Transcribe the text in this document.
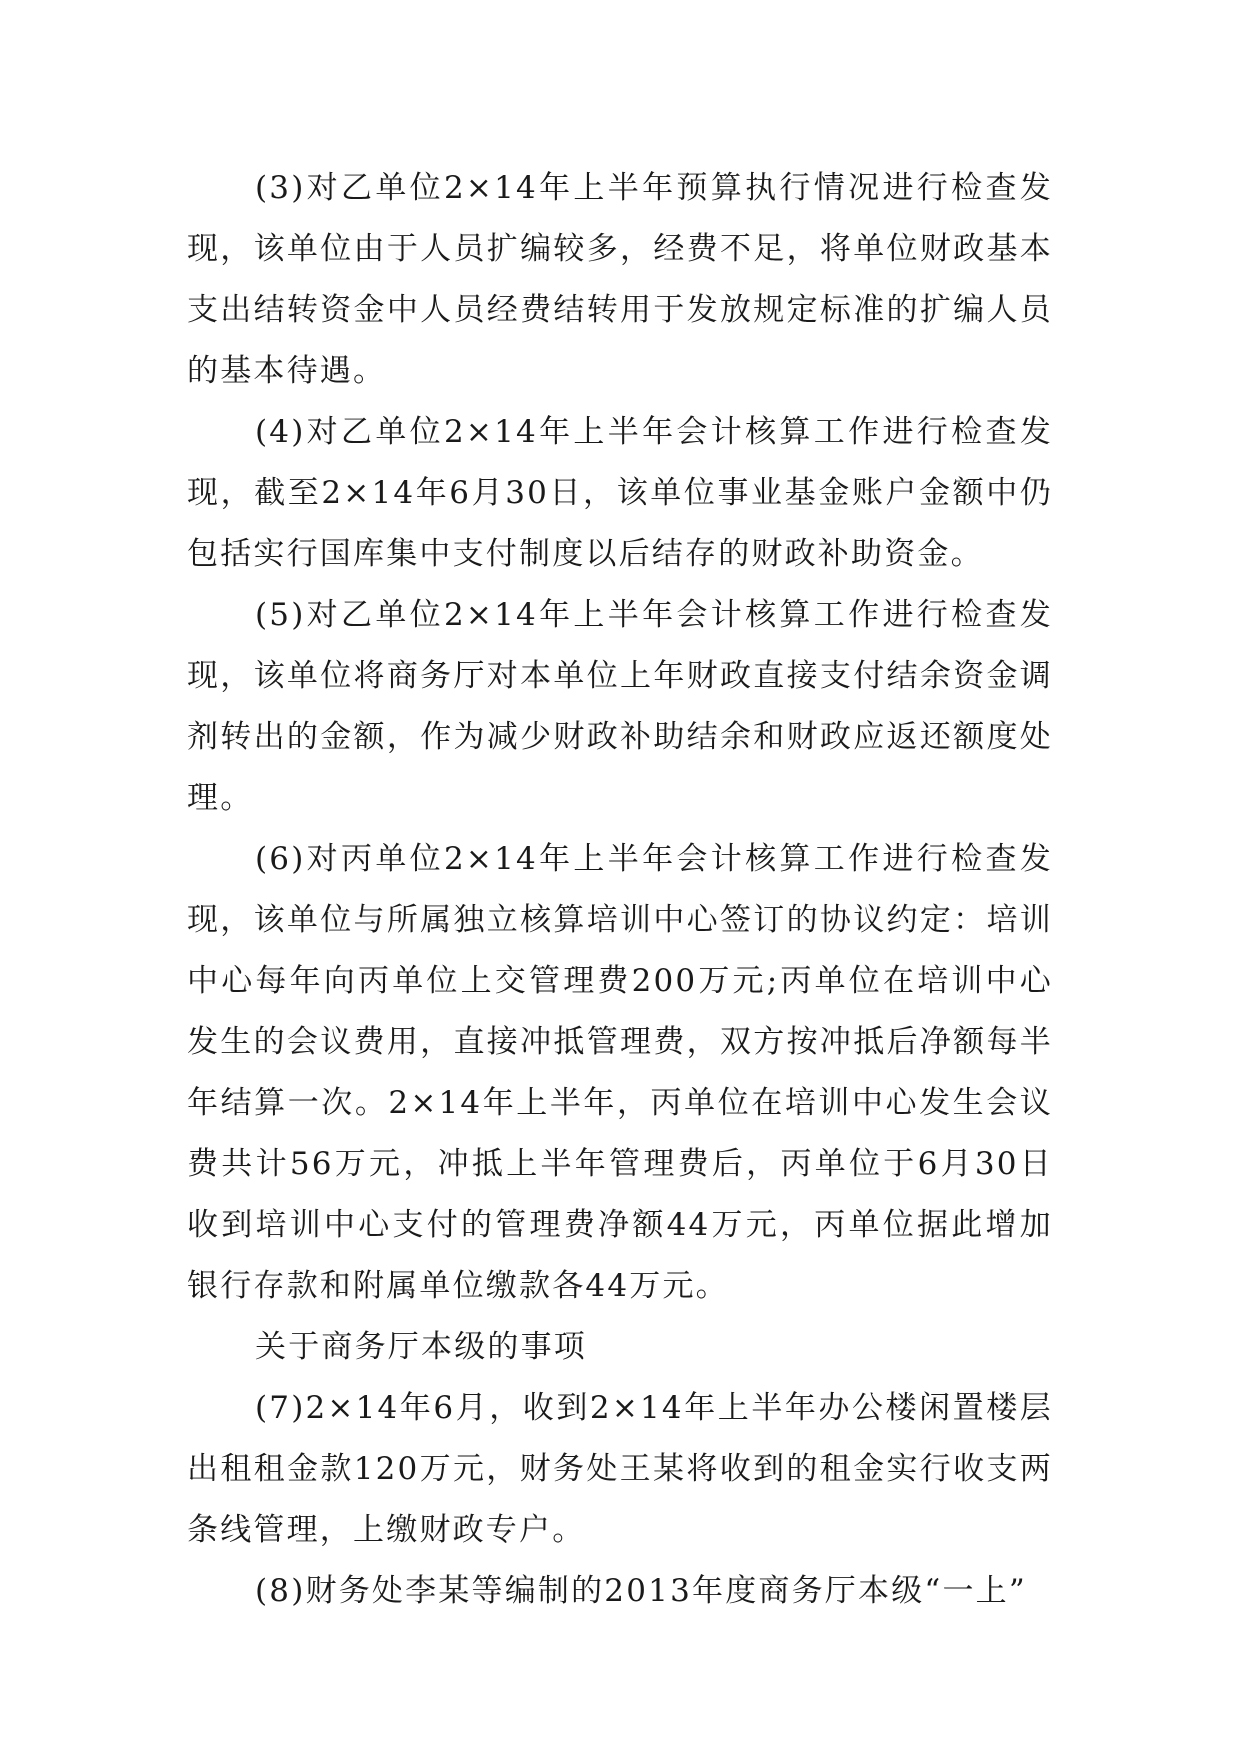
(3)对乙单位2×14年上半年预算执行情况进行检查发现，该单位由于人员扩编较多，经费不足，将单位财政基本支出结转资金中人员经费结转用于发放规定标准的扩编人员的基本待遇。

(4)对乙单位2×14年上半年会计核算工作进行检查发现，截至2×14年6月30日，该单位事业基金账户金额中仍包括实行国库集中支付制度以后结存的财政补助资金。

(5)对乙单位2×14年上半年会计核算工作进行检查发现，该单位将商务厅对本单位上年财政直接支付结余资金调剂转出的金额，作为减少财政补助结余和财政应返还额度处理。

(6)对丙单位2×14年上半年会计核算工作进行检查发现，该单位与所属独立核算培训中心签订的协议约定：培训中心每年向丙单位上交管理费200万元;丙单位在培训中心发生的会议费用，直接冲抵管理费，双方按冲抵后净额每半年结算一次。2×14年上半年，丙单位在培训中心发生会议费共计56万元，冲抵上半年管理费后，丙单位于6月30日收到培训中心支付的管理费净额44万元，丙单位据此增加银行存款和附属单位缴款各44万元。

关于商务厅本级的事项

(7)2×14年6月，收到2×14年上半年办公楼闲置楼层出租租金款120万元，财务处王某将收到的租金实行收支两条线管理，上缴财政专户。

(8)财务处李某等编制的2013年度商务厅本级“一上”
